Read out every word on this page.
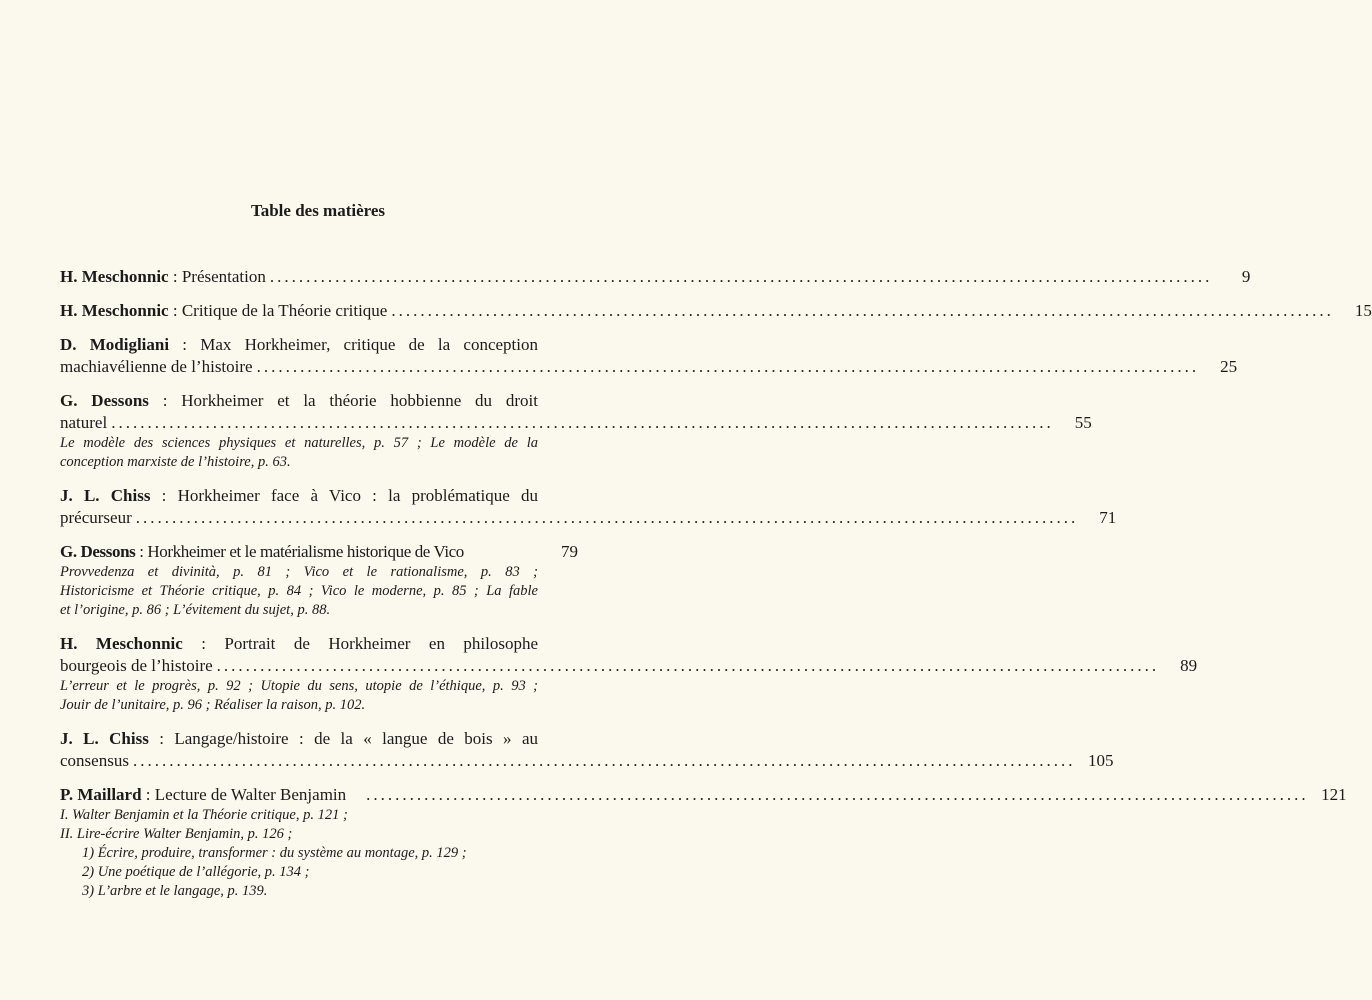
Table des matières
H. Meschonnic : Présentation ..................................................................................................................................	9
H. Meschonnic : Critique de la Théorie critique ..................................................................................................................................	15
D. Modigliani : Max Horkheimer, critique de la conception
machiavélienne de l’histoire ..................................................................................................................................	25
G. Dessons : Horkheimer et la théorie hobbienne du droit
naturel ..................................................................................................................................	55
Le modèle des sciences physiques et naturelles, p. 57 ; Le modèle de la
conception marxiste de l’histoire, p. 63.
J. L. Chiss : Horkheimer face à Vico : la problématique du
précurseur ..................................................................................................................................	71
G. Dessons : Horkheimer et le matérialisme historique de Vico	79
Provvedenza et divinità, p. 81 ; Vico et le rationalisme, p. 83 ;
Historicisme et Théorie critique, p. 84 ; Vico le moderne, p. 85 ; La fable
et l’origine, p. 86 ; L’évitement du sujet, p. 88.
H. Meschonnic : Portrait de Horkheimer en philosophe
bourgeois de l’histoire ..................................................................................................................................	89
L’erreur et le progrès, p. 92 ; Utopie du sens, utopie de l’éthique, p. 93 ;
Jouir de l’unitaire, p. 96 ; Réaliser la raison, p. 102.
J. L. Chiss : Langage/histoire : de la « langue de bois » au
consensus .................................................................................................................................. 105
P. Maillard : Lecture de Walter Benjamin .................................................................................................................................. 121
I. Walter Benjamin et la Théorie critique, p. 121 ;
II. Lire-écrire Walter Benjamin, p. 126 ;
1) Écrire, produire, transformer : du système au montage, p. 129 ;
2) Une poétique de l’allégorie, p. 134 ;
3) L’arbre et le langage, p. 139.
